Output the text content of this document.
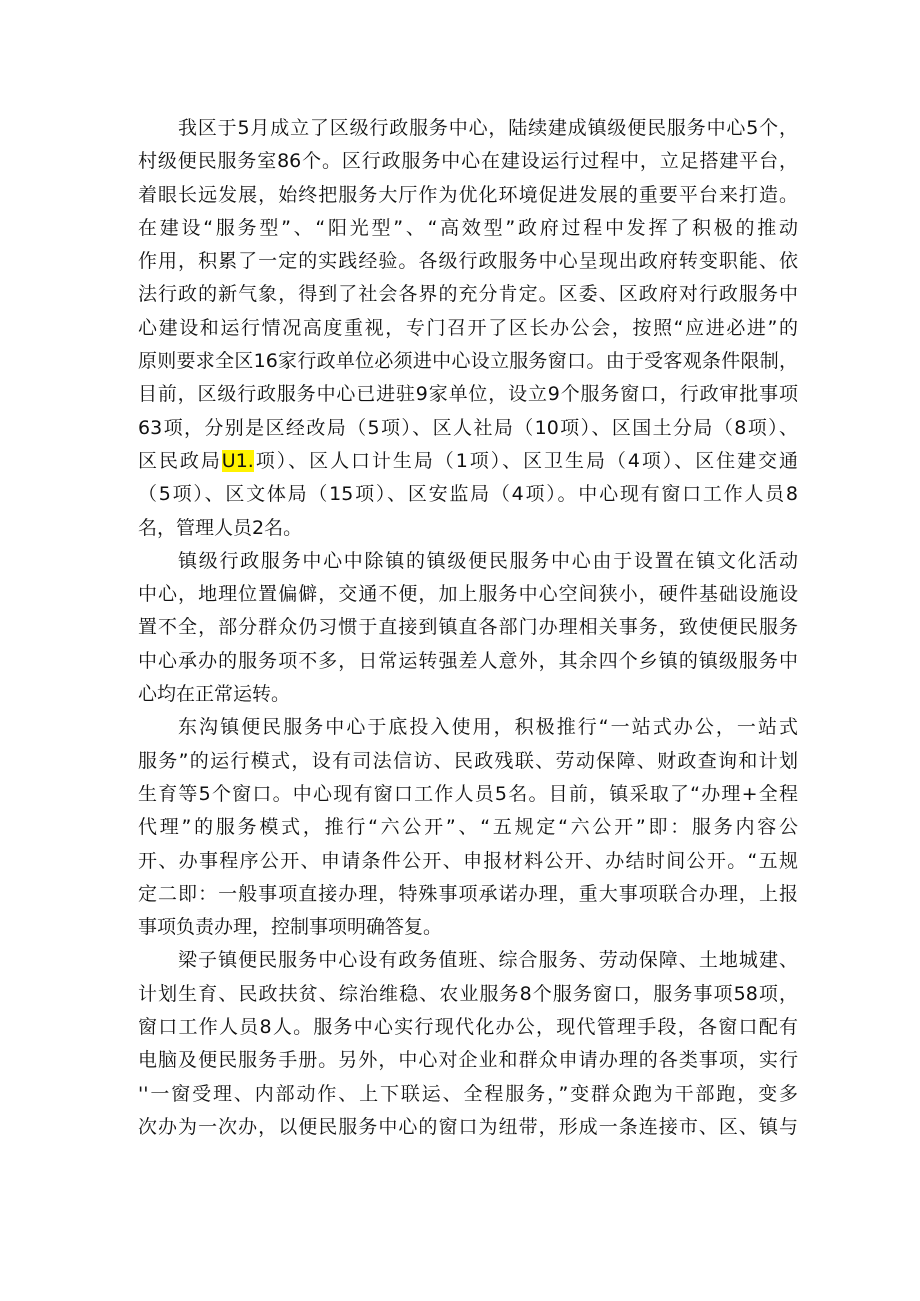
我区于5月成立了区级行政服务中心，陆续建成镇级便民服务中心5个，
村级便民服务室86个。区行政服务中心在建设运行过程中，立足搭建平台，
着眼长远发展，始终把服务大厅作为优化环境促进发展的重要平台来打造。
在建设“服务型”、“阳光型”、“高效型”政府过程中发挥了积极的推动
作用，积累了一定的实践经验。各级行政服务中心呈现出政府转变职能、依
法行政的新气象，得到了社会各界的充分肯定。区委、区政府对行政服务中
心建设和运行情况高度重视，专门召开了区长办公会，按照“应进必进”的
原则要求全区16家行政单位必须进中心设立服务窗口。由于受客观条件限制，
目前，区级行政服务中心已进驻9家单位，设立9个服务窗口，行政审批事项
63项，分别是区经改局（5项）、区人社局（10项）、区国土分局（8项）、
区民政局U1.项）、区人口计生局（1项）、区卫生局（4项）、区住建交通
（5项）、区文体局（15项）、区安监局（4项）。中心现有窗口工作人员8
名，管理人员2名。
镇级行政服务中心中除镇的镇级便民服务中心由于设置在镇文化活动
中心，地理位置偏僻，交通不便，加上服务中心空间狭小，硬件基础设施设
置不全，部分群众仍习惯于直接到镇直各部门办理相关事务，致使便民服务
中心承办的服务项不多，日常运转强差人意外，其余四个乡镇的镇级服务中
心均在正常运转。
东沟镇便民服务中心于底投入使用，积极推行“一站式办公，一站式
服务”的运行模式，设有司法信访、民政残联、劳动保障、财政查询和计划
生育等5个窗口。中心现有窗口工作人员5名。目前，镇采取了“办理+全程
代理”的服务模式，推行“六公开”、“五规定“六公开”即：服务内容公
开、办事程序公开、申请条件公开、申报材料公开、办结时间公开。“五规
定二即：一般事项直接办理，特殊事项承诺办理，重大事项联合办理，上报
事项负责办理，控制事项明确答复。
梁子镇便民服务中心设有政务值班、综合服务、劳动保障、土地城建、
计划生育、民政扶贫、综治维稳、农业服务8个服务窗口，服务事项58项，
窗口工作人员8人。服务中心实行现代化办公，现代管理手段，各窗口配有
电脑及便民服务手册。另外，中心对企业和群众申请办理的各类事项，实行
''一窗受理、内部动作、上下联运、全程服务，”变群众跑为干部跑，变多
次办为一次办，以便民服务中心的窗口为纽带，形成一条连接市、区、镇与
